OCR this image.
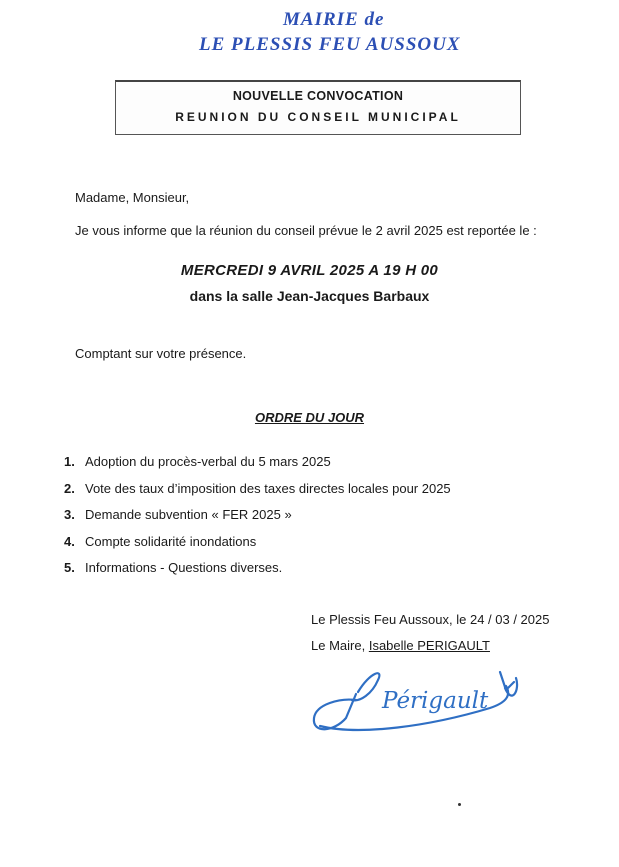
MAIRIE de
LE PLESSIS FEU AUSSOUX
NOUVELLE CONVOCATION
REUNION DU CONSEIL MUNICIPAL
Madame, Monsieur,
Je vous informe que la réunion du conseil prévue le 2 avril 2025 est reportée le :
MERCREDI 9 AVRIL 2025 A 19 H 00
dans la salle Jean-Jacques Barbaux
Comptant sur votre présence.
ORDRE DU JOUR
1. Adoption du procès-verbal du 5 mars 2025
2. Vote des taux d’imposition des taxes directes locales pour 2025
3. Demande subvention « FER 2025 »
4. Compte solidarité inondations
5. Informations - Questions diverses.
Le Plessis Feu Aussoux, le 24 / 03 / 2025
Le Maire, Isabelle PERIGAULT
Périgault
